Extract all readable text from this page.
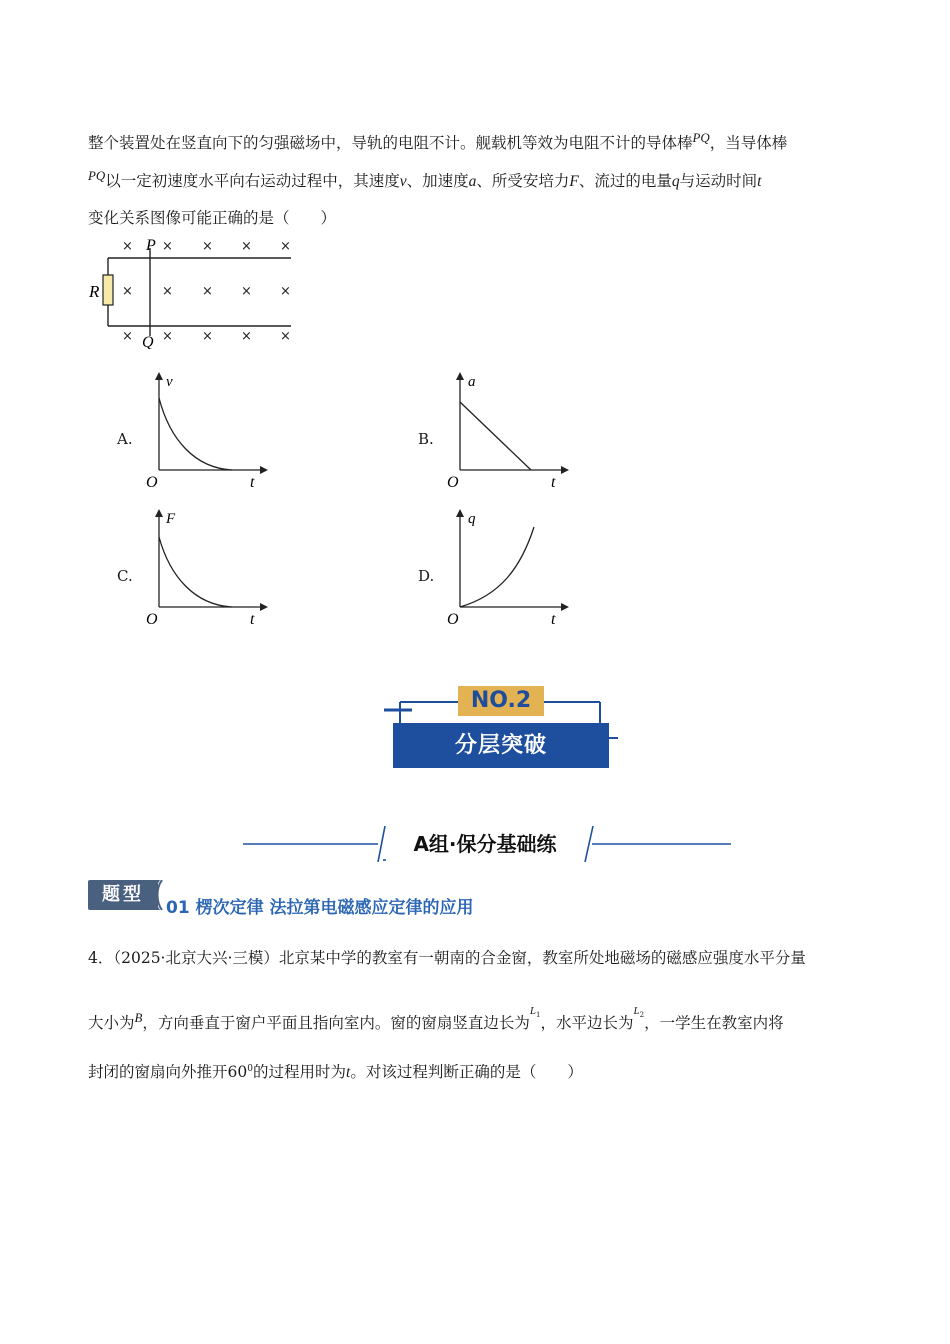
整个装置处在竖直向下的匀强磁场中，导轨的电阻不计。舰载机等效为电阻不计的导体棒$^{PQ}$，当导体棒
$^{PQ}$以一定初速度水平向右运动过程中，其速度v、加速度a、所受安培力F、流过的电量q与运动时间t
变化关系图像可能正确的是（　　）
R
P
Q
× × × × ×
× × × × ×
× × × × ×
A.
v
t
O
B.
a
t
O
C.
F
t
O
D.
q
t
O
NO.2
分层突破
A组·保分基础练
题型
01 楞次定律 法拉第电磁感应定律的应用
4．（2025·北京大兴·三模）北京某中学的教室有一朝南的合金窗，教室所处地磁场的磁感应强度水平分量
大小为$^B$，方向垂直于窗户平面且指向室内。窗的窗扇竖直边长为$^{L_1}$，水平边长为$^{L_2}$，一学生在教室内将
封闭的窗扇向外推开$60^0$的过程用时为t。对该过程判断正确的是（　　）
